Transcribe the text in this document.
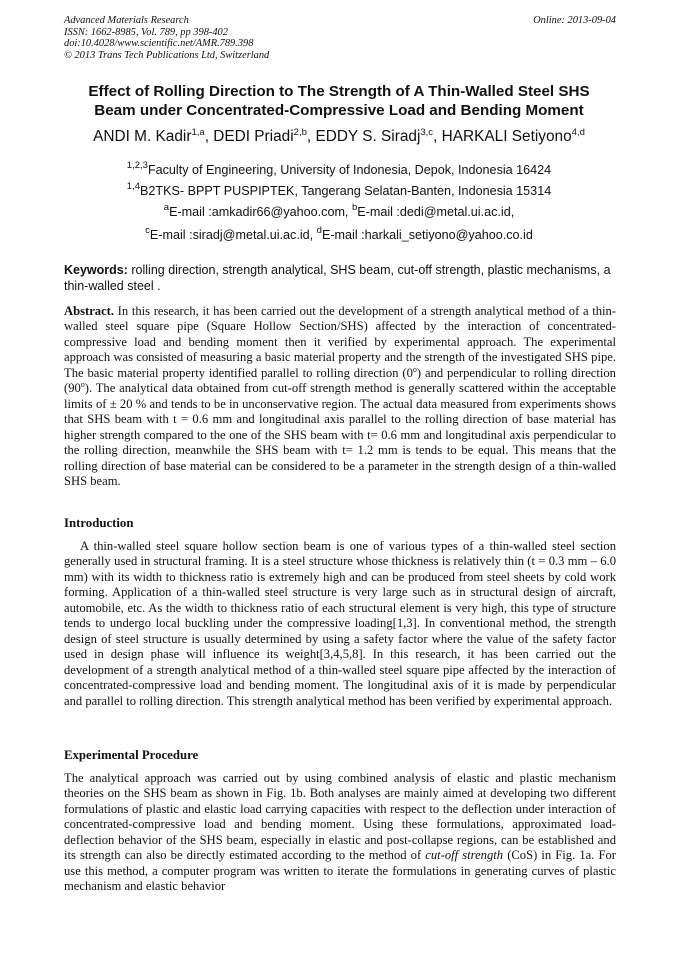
Advanced Materials Research
ISSN: 1662-8985, Vol. 789, pp 398-402
doi:10.4028/www.scientific.net/AMR.789.398
© 2013 Trans Tech Publications Ltd, Switzerland
Online: 2013-09-04
Effect of Rolling Direction to The Strength of A Thin-Walled Steel SHS
Beam under Concentrated-Compressive Load and Bending Moment
ANDI M. Kadir$^{1,a}$, DEDI Priadi$^{2,b}$, EDDY S. Siradj$^{3,c}$, HARKALI Setiyono$^{4,d}$
$^{1,2,3}$Faculty of Engineering, University of Indonesia, Depok, Indonesia 16424
$^{1,4}$B2TKS- BPPT PUSPIPTEK, Tangerang Selatan-Banten, Indonesia 15314
$^a$E-mail :amkadir66@yahoo.com, $^b$E-mail :dedi@metal.ui.ac.id,
$^c$E-mail :siradj@metal.ui.ac.id, $^d$E-mail :harkali_setiyono@yahoo.co.id
Keywords: rolling direction, strength analytical, SHS beam, cut-off strength, plastic mechanisms, a thin-walled steel .
Abstract. In this research, it has been carried out the development of a strength analytical method of a thin-walled steel square pipe (Square Hollow Section/SHS) affected by the interaction of concentrated-compressive load and bending moment then it verified by experimental approach. The experimental approach was consisted of measuring a basic material property and the strength of the investigated SHS pipe. The basic material property identified parallel to rolling direction (0$^o$) and perpendicular to rolling direction (90$^o$). The analytical data obtained from cut-off strength method is generally scattered within the acceptable limits of ± 20 % and tends to be in unconservative region. The actual data measured from experiments shows that SHS beam with t = 0.6 mm and longitudinal axis parallel to the rolling direction of base material has higher strength compared to the one of the SHS beam with t= 0.6 mm and longitudinal axis perpendicular to the rolling direction, meanwhile the SHS beam with t= 1.2 mm is tends to be equal. This means that the rolling direction of base material can be considered to be a parameter in the strength design of a thin-walled SHS beam.
Introduction
A thin-walled steel square hollow section beam is one of various types of a thin-walled steel section generally used in structural framing. It is a steel structure whose thickness is relatively thin (t = 0.3 mm – 6.0 mm) with its width to thickness ratio is extremely high and can be produced from steel sheets by cold work forming. Application of a thin-walled steel structure is very large such as in structural design of aircraft, automobile, etc. As the width to thickness ratio of each structural element is very high, this type of structure tends to undergo local buckling under the compressive loading[1,3]. In conventional method, the strength design of steel structure is usually determined by using a safety factor where the value of the safety factor used in design phase will influence its weight[3,4,5,8]. In this research, it has been carried out the development of a strength analytical method of a thin-walled steel square pipe affected by the interaction of concentrated-compressive load and bending moment. The longitudinal axis of it is made by perpendicular and parallel to rolling direction. This strength analytical method has been verified by experimental approach.
Experimental Procedure
The analytical approach was carried out by using combined analysis of elastic and plastic mechanism theories on the SHS beam as shown in Fig. 1b. Both analyses are mainly aimed at developing two different formulations of plastic and elastic load carrying capacities with respect to the deflection under interaction of concentrated-compressive load and bending moment. Using these formulations, approximated load-deflection behavior of the SHS beam, especially in elastic and post-collapse regions, can be established and its strength can also be directly estimated according to the method of cut-off strength (CoS) in Fig. 1a. For use this method, a computer program was written to iterate the formulations in generating curves of plastic mechanism and elastic behavior
